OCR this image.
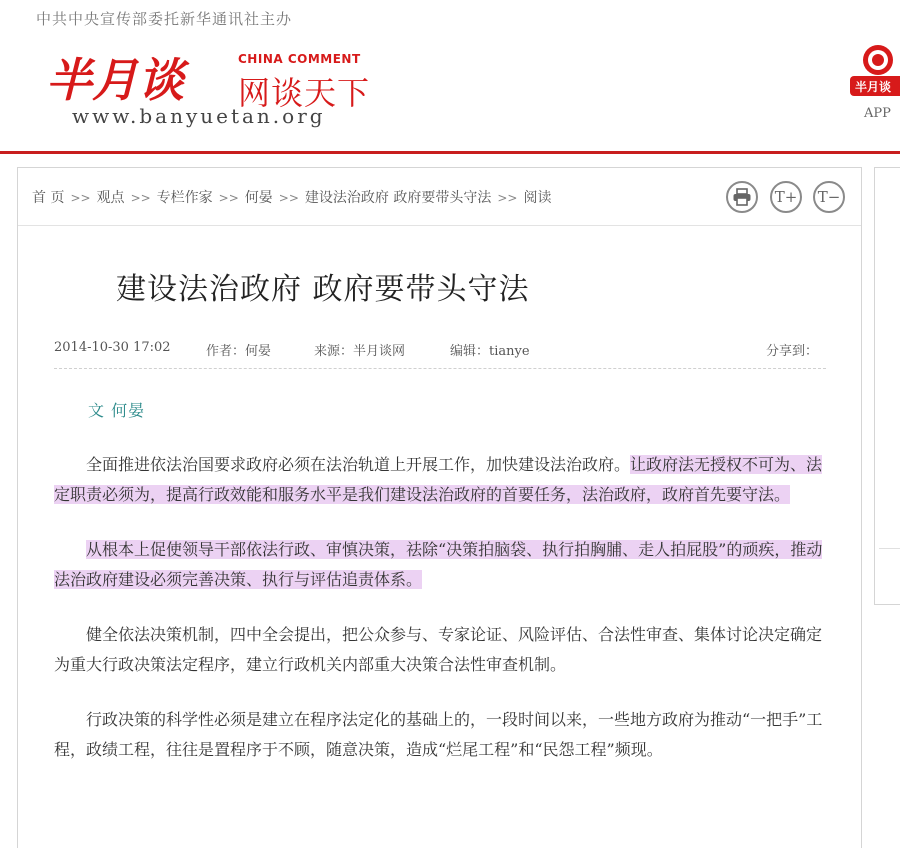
中共中央宣传部委托新华通讯社主办
半月谈	CHINA COMMENT
网谈天下
www.banyuetan.org
半月谈
APP
首 页 >> 观点 >> 专栏作家 >> 何晏 >> 建设法治政府 政府要带头守法 >> 阅读	T+	T−
建设法治政府 政府要带头守法
2014-10-30 17:02	作者：何晏	来源：半月谈网	编辑：tianye	分享到：
文 何晏

全面推进依法治国要求政府必须在法治轨道上开展工作，加快建设法治政府。让政府法无授权不可为、法定职责必须为，提高行政效能和服务水平是我们建设法治政府的首要任务，法治政府，政府首先要守法。

从根本上促使领导干部依法行政、审慎决策，祛除“决策拍脑袋、执行拍胸脯、走人拍屁股”的顽疾，推动法治政府建设必须完善决策、执行与评估追责体系。

健全依法决策机制，四中全会提出，把公众参与、专家论证、风险评估、合法性审查、集体讨论决定确定为重大行政决策法定程序，建立行政机关内部重大决策合法性审查机制。

行政决策的科学性必须是建立在程序法定化的基础上的，一段时间以来，一些地方政府为推动“一把手”工程，政绩工程，往往是置程序于不顾，随意决策，造成“烂尾工程”和“民怨工程”频现。
